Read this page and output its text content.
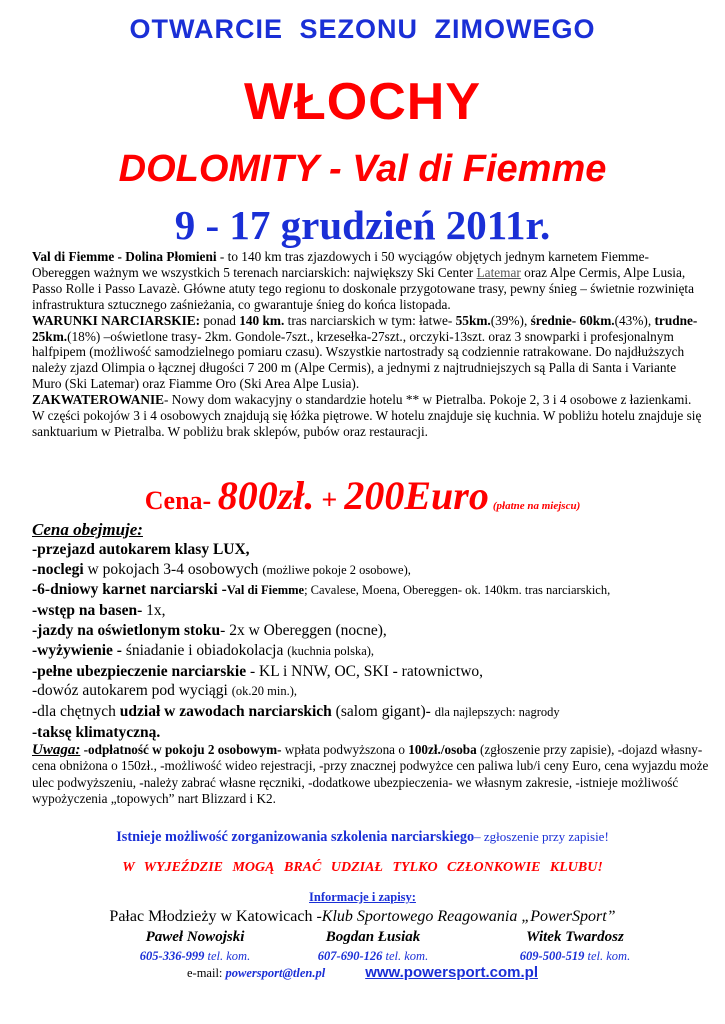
OTWARCIE SEZONU ZIMOWEGO
WŁOCHY
DOLOMITY - Val di Fiemme
9 - 17 grudzień 2011r.

Val di Fiemme - Dolina Płomieni - to 140 km tras zjazdowych i 50 wyciągów objętych jednym karnetem Fiemme- Obereggen ważnym we wszystkich 5 terenach narciarskich: największy Ski Center Latemar oraz Alpe Cermis, Alpe Lusia, Passo Rolle i Passo Lavazè. Główne atuty tego regionu to doskonale przygotowane trasy, pewny śnieg – świetnie rozwinięta infrastruktura sztucznego zaśnieżania, co gwarantuje śnieg do końca listopada.

WARUNKI NARCIARSKIE: ponad 140 km. tras narciarskich w tym: łatwe- 55km.(39%), średnie- 60km.(43%), trudne- 25km.(18%) –oświetlone trasy- 2km. Gondole-7szt., krzesełka-27szt., orczyki-13szt. oraz 3 snowparki i profesjonalnym halfpipem (możliwość samodzielnego pomiaru czasu). Wszystkie nartostrady są codziennie ratrakowane. Do najdłuższych należy zjazd Olimpia o łącznej długości 7 200 m (Alpe Cermis), a jednymi z najtrudniejszych są Palla di Santa i Variante Muro (Ski Latemar) oraz Fiamme Oro (Ski Area Alpe Lusia).

ZAKWATEROWANIE- Nowy dom wakacyjny o standardzie hotelu ** w Pietralba. Pokoje 2, 3 i 4 osobowe z łazienkami. W części pokojów 3 i 4 osobowych znajdują się łóżka piętrowe. W hotelu znajduje się kuchnia. W pobliżu hotelu znajduje się sanktuarium w Pietralba. W pobliżu brak sklepów, pubów oraz restauracji.

Cena- 800zł. + 200Euro (płatne na miejscu)

Cena obejmuje:

-przejazd autokarem klasy LUX,

-noclegi w pokojach 3-4 osobowych (możliwe pokoje 2 osobowe),

-6-dniowy karnet narciarski -Val di Fiemme; Cavalese, Moena, Obereggen- ok. 140km. tras narciarskich,

-wstęp na basen- 1x,

-jazdy na oświetlonym stoku- 2x w Obereggen (nocne),

-wyżywienie - śniadanie i obiadokolacja (kuchnia polska),

-pełne ubezpieczenie narciarskie - KL i NNW, OC, SKI - ratownictwo,

-dowóz autokarem pod wyciągi (ok.20 min.),

-dla chętnych udział w zawodach narciarskich (salom gigant)- dla najlepszych: nagrody

-taksę klimatyczną.

Uwaga: -odpłatność w pokoju 2 osobowym- wpłata podwyższona o 100zł./osoba (zgłoszenie przy zapisie), -dojazd własny- cena obniżona o 150zł., -możliwość wideo rejestracji, -przy znacznej podwyżce cen paliwa lub/i ceny Euro, cena wyjazdu może ulec podwyższeniu, -należy zabrać własne ręczniki, -dodatkowe ubezpieczenia- we własnym zakresie, -istnieje możliwość wypożyczenia „topowych” nart Blizzard i K2.

Istnieje możliwość zorganizowania szkolenia narciarskiego– zgłoszenie przy zapisie!
W WYJEŹDZIE MOGĄ BRAĆ UDZIAŁ TYLKO CZŁONKOWIE KLUBU!
Informacje i zapisy:
Pałac Młodzieży w Katowicach -Klub Sportowego Reagowania „PowerSport”
Paweł Nowojski
605-336-999 tel. kom.
Bogdan Łusiak
607-690-126 tel. kom.
Witek Twardosz
609-500-519 tel. kom.
e-mail: powersport@tlen.pl	www.powersport.com.pl
